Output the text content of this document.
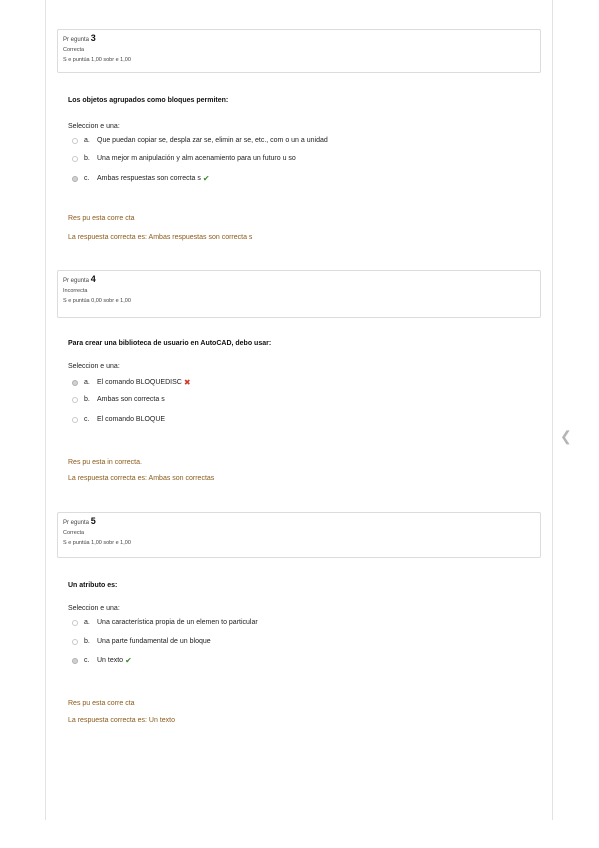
❮
Pr egunta 3
Correcta
S e puntúa 1,00 sobr e 1,00
Los objetos agrupados como bloques permiten:
Seleccion e una:
a.	Que puedan copiar se, despla zar se, elimin ar se, etc., com o un a unidad
b.	Una mejor m anipulación y alm acenamiento para un futuro u so
c.	Ambas respuestas son correcta s ✔
Res pu esta corre cta
La respuesta correcta es: Ambas respuestas son correcta s
Pr egunta 4
Incorrecta
S e puntúa 0,00 sobr e 1,00
Para crear una biblioteca de usuario en AutoCAD, debo usar:
Seleccion e una:
a.	El comando BLOQUEDISC ✖
b.	Ambas son correcta s
c.	El comando BLOQUE
Res pu esta in correcta.
La respuesta correcta es: Ambas son correctas
Pr egunta 5
Correcta
S e puntúa 1,00 sobr e 1,00
Un atributo es:
Seleccion e una:
a.	Una característica propia de un elemen to particular
b.	Una parte fundamental de un bloque
c.	Un texto ✔
Res pu esta corre cta
La respuesta correcta es: Un texto
